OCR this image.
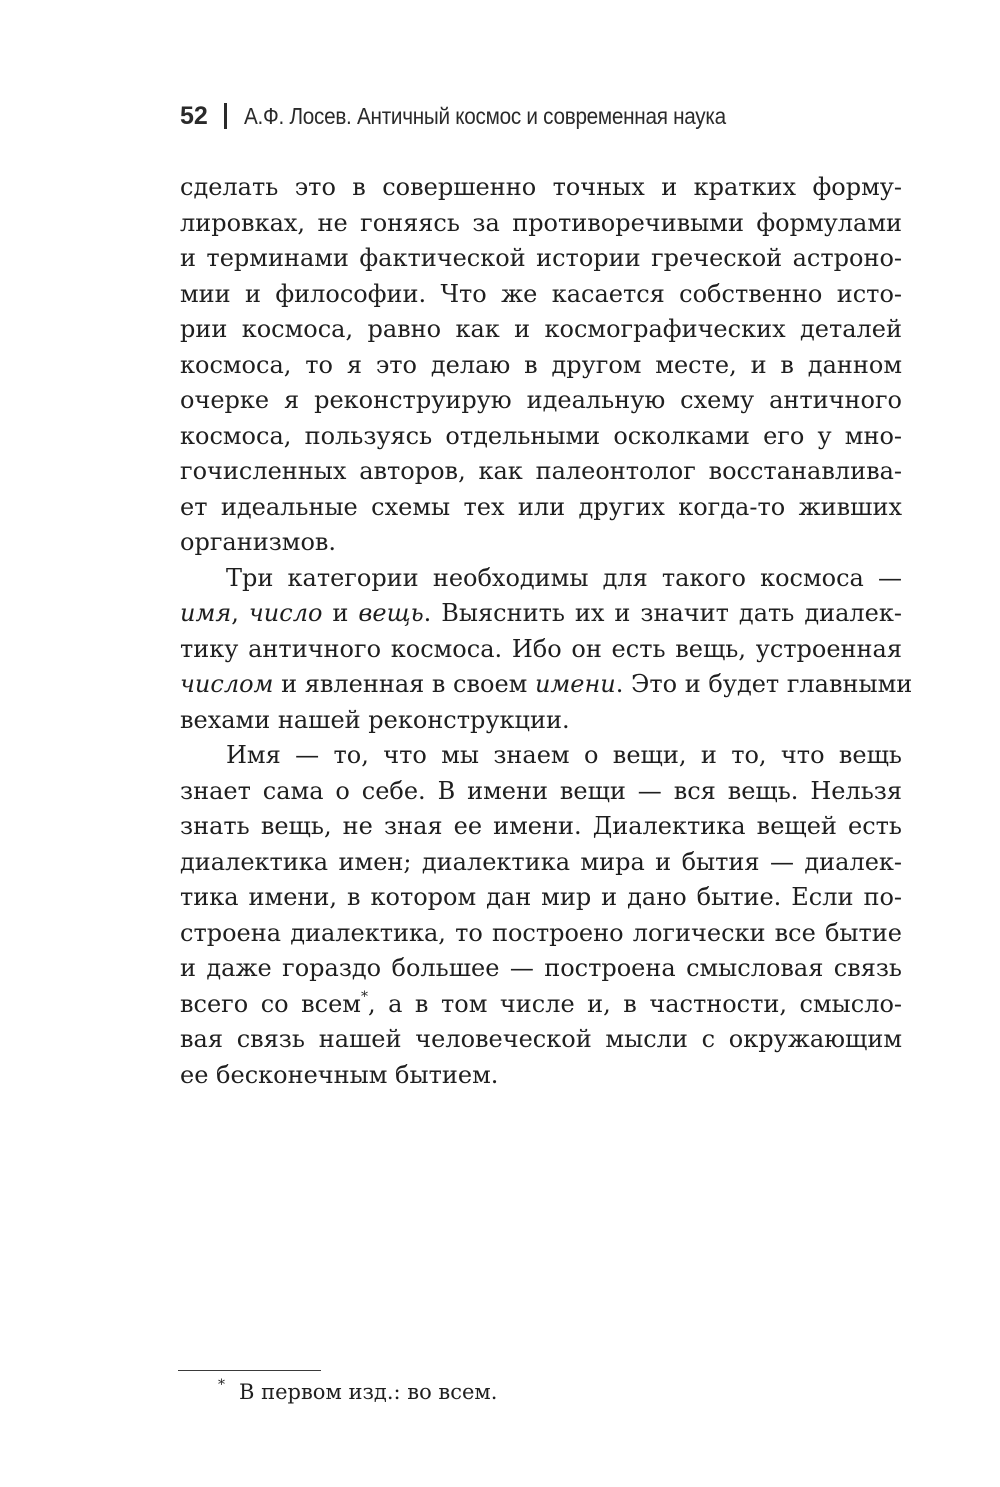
52 А.Ф. Лосев. Античный космос и современная наука
сделать это в совершенно точных и кратких форму-
лировках, не гоняясь за противоречивыми формулами
и терминами фактической истории греческой астроно-
мии и философии. Что же касается собственно исто-
рии космоса, равно как и космографических деталей
космоса, то я это делаю в другом месте, и в данном
очерке я реконструирую идеальную схему античного
космоса, пользуясь отдельными осколками его у мно-
гочисленных авторов, как палеонтолог восстанавлива-
ет идеальные схемы тех или других когда-то живших
организмов.
Три категории необходимы для такого космоса —
имя, число и вещь. Выяснить их и значит дать диалек-
тику античного космоса. Ибо он есть вещь, устроенная
числом и явленная в своем имени. Это и будет главными
вехами нашей реконструкции.
Имя — то, что мы знаем о вещи, и то, что вещь
знает сама о себе. В имени вещи — вся вещь. Нельзя
знать вещь, не зная ее имени. Диалектика вещей есть
диалектика имен; диалектика мира и бытия — диалек-
тика имени, в котором дан мир и дано бытие. Если по-
строена диалектика, то построено логически все бытие
и даже гораздо большее — построена смысловая связь
всего со всем*, а в том числе и, в частности, смысло-
вая связь нашей человеческой мысли с окружающим
ее бесконечным бытием.
* В первом изд.: во всем.
